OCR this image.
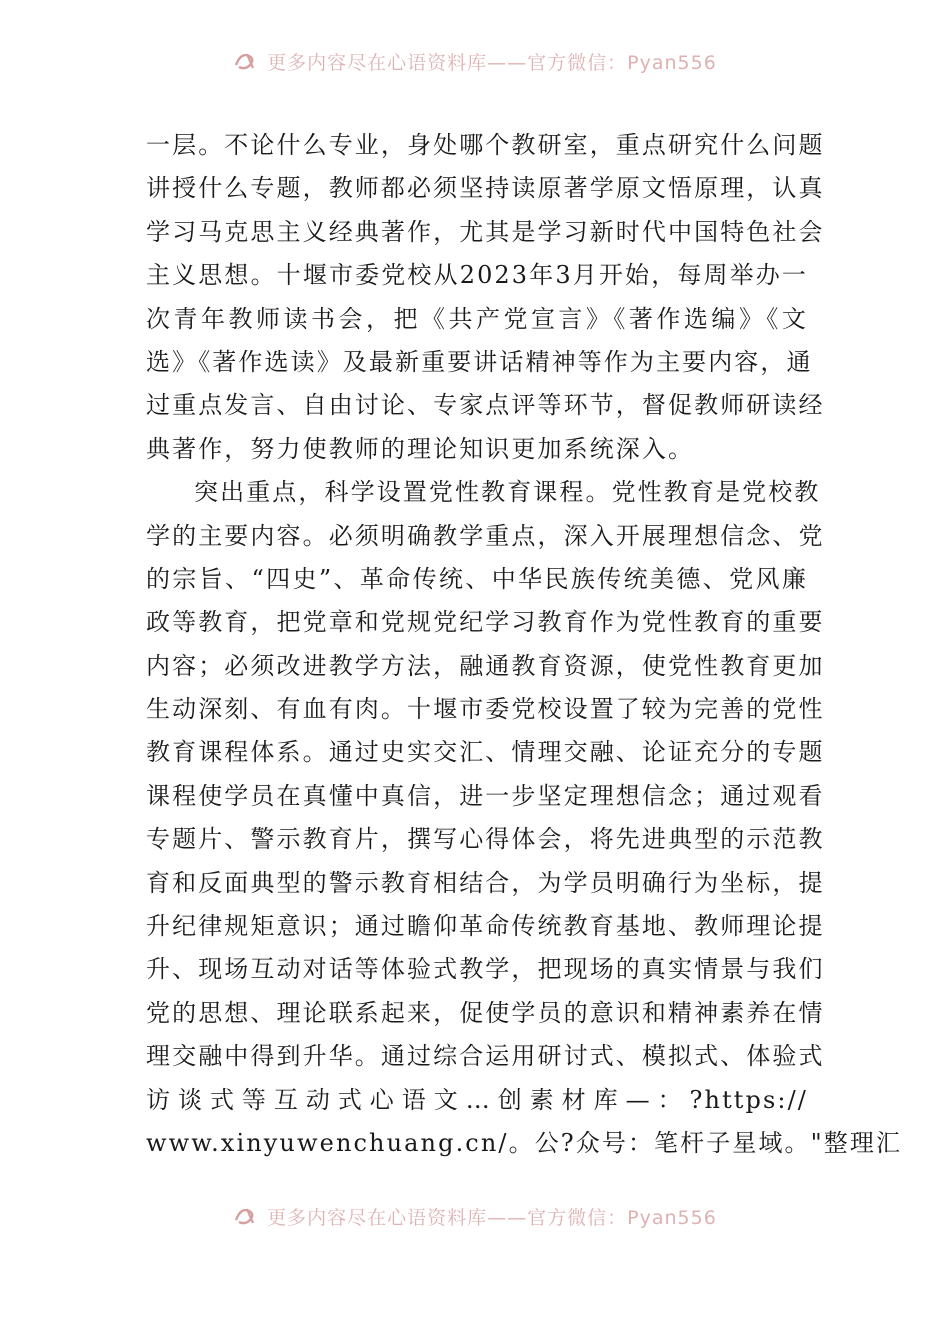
更多内容尽在心语资料库——官方微信：Pyan556
一层。不论什么专业，身处哪个教研室，重点研究什么问题
讲授什么专题，教师都必须坚持读原著学原文悟原理，认真
学习马克思主义经典著作，尤其是学习新时代中国特色社会
主义思想。十堰市委党校从2023年3月开始，每周举办一
次青年教师读书会，把《共产党宣言》《著作选编》《文
选》《著作选读》及最新重要讲话精神等作为主要内容，通
过重点发言、自由讨论、专家点评等环节，督促教师研读经
典著作，努力使教师的理论知识更加系统深入。
突出重点，科学设置党性教育课程。党性教育是党校教
学的主要内容。必须明确教学重点，深入开展理想信念、党
的宗旨、“四史”、革命传统、中华民族传统美德、党风廉
政等教育，把党章和党规党纪学习教育作为党性教育的重要
内容；必须改进教学方法，融通教育资源，使党性教育更加
生动深刻、有血有肉。十堰市委党校设置了较为完善的党性
教育课程体系。通过史实交汇、情理交融、论证充分的专题
课程使学员在真懂中真信，进一步坚定理想信念；通过观看
专题片、警示教育片，撰写心得体会，将先进典型的示范教
育和反面典型的警示教育相结合，为学员明确行为坐标，提
升纪律规矩意识；通过瞻仰革命传统教育基地、教师理论提
升、现场互动对话等体验式教学，把现场的真实情景与我们
党的思想、理论联系起来，促使学员的意识和精神素养在情
理交融中得到升华。通过综合运用研讨式、模拟式、体验式
访谈式等互动式心语文…创素材库—：?https://
www.xinyuwenchuang.cn/。公?众号：笔杆子星域。"整理汇
更多内容尽在心语资料库——官方微信：Pyan556
